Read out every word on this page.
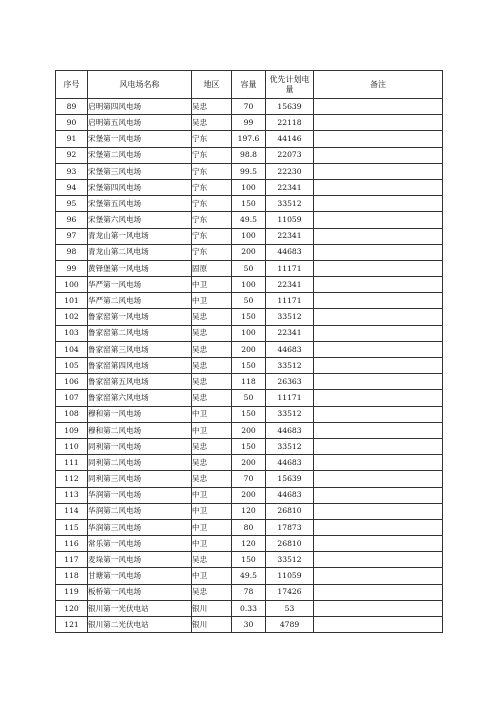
序号	风电场名称	地区	容量	优先计划电量	备注
89	启明第四风电场	吴忠	70	15639	
90	启明第五风电场	吴忠	99	22118	
91	宋堡第一风电场	宁东	197.6	44146	
92	宋堡第二风电场	宁东	98.8	22073	
93	宋堡第三风电场	宁东	99.5	22230	
94	宋堡第四风电场	宁东	100	22341	
95	宋堡第五风电场	宁东	150	33512	
96	宋堡第六风电场	宁东	49.5	11059	
97	青龙山第一风电场	宁东	100	22341	
98	青龙山第二风电场	宁东	200	44683	
99	黄铎堡第一风电场	固原	50	11171	
100	华严第一风电场	中卫	100	22341	
101	华严第二风电场	中卫	50	11171	
102	鲁家窑第一风电场	吴忠	150	33512	
103	鲁家窑第二风电场	吴忠	100	22341	
104	鲁家窑第三风电场	吴忠	200	44683	
105	鲁家窑第四风电场	吴忠	150	33512	
106	鲁家窑第五风电场	吴忠	118	26363	
107	鲁家窑第六风电场	吴忠	50	11171	
108	穆和第一风电场	中卫	150	33512	
109	穆和第二风电场	中卫	200	44683	
110	同利第一风电场	吴忠	150	33512	
111	同利第二风电场	吴忠	200	44683	
112	同利第三风电场	吴忠	70	15639	
113	华润第一风电场	中卫	200	44683	
114	华润第二风电场	中卫	120	26810	
115	华润第三风电场	中卫	80	17873	
116	常乐第一风电场	中卫	120	26810	
117	麦垛第一风电场	吴忠	150	33512	
118	甘塘第一风电场	中卫	49.5	11059	
119	板桥第一风电场	吴忠	78	17426	
120	银川第一光伏电站	银川	0.33	53	
121	银川第二光伏电站	银川	30	4789	
